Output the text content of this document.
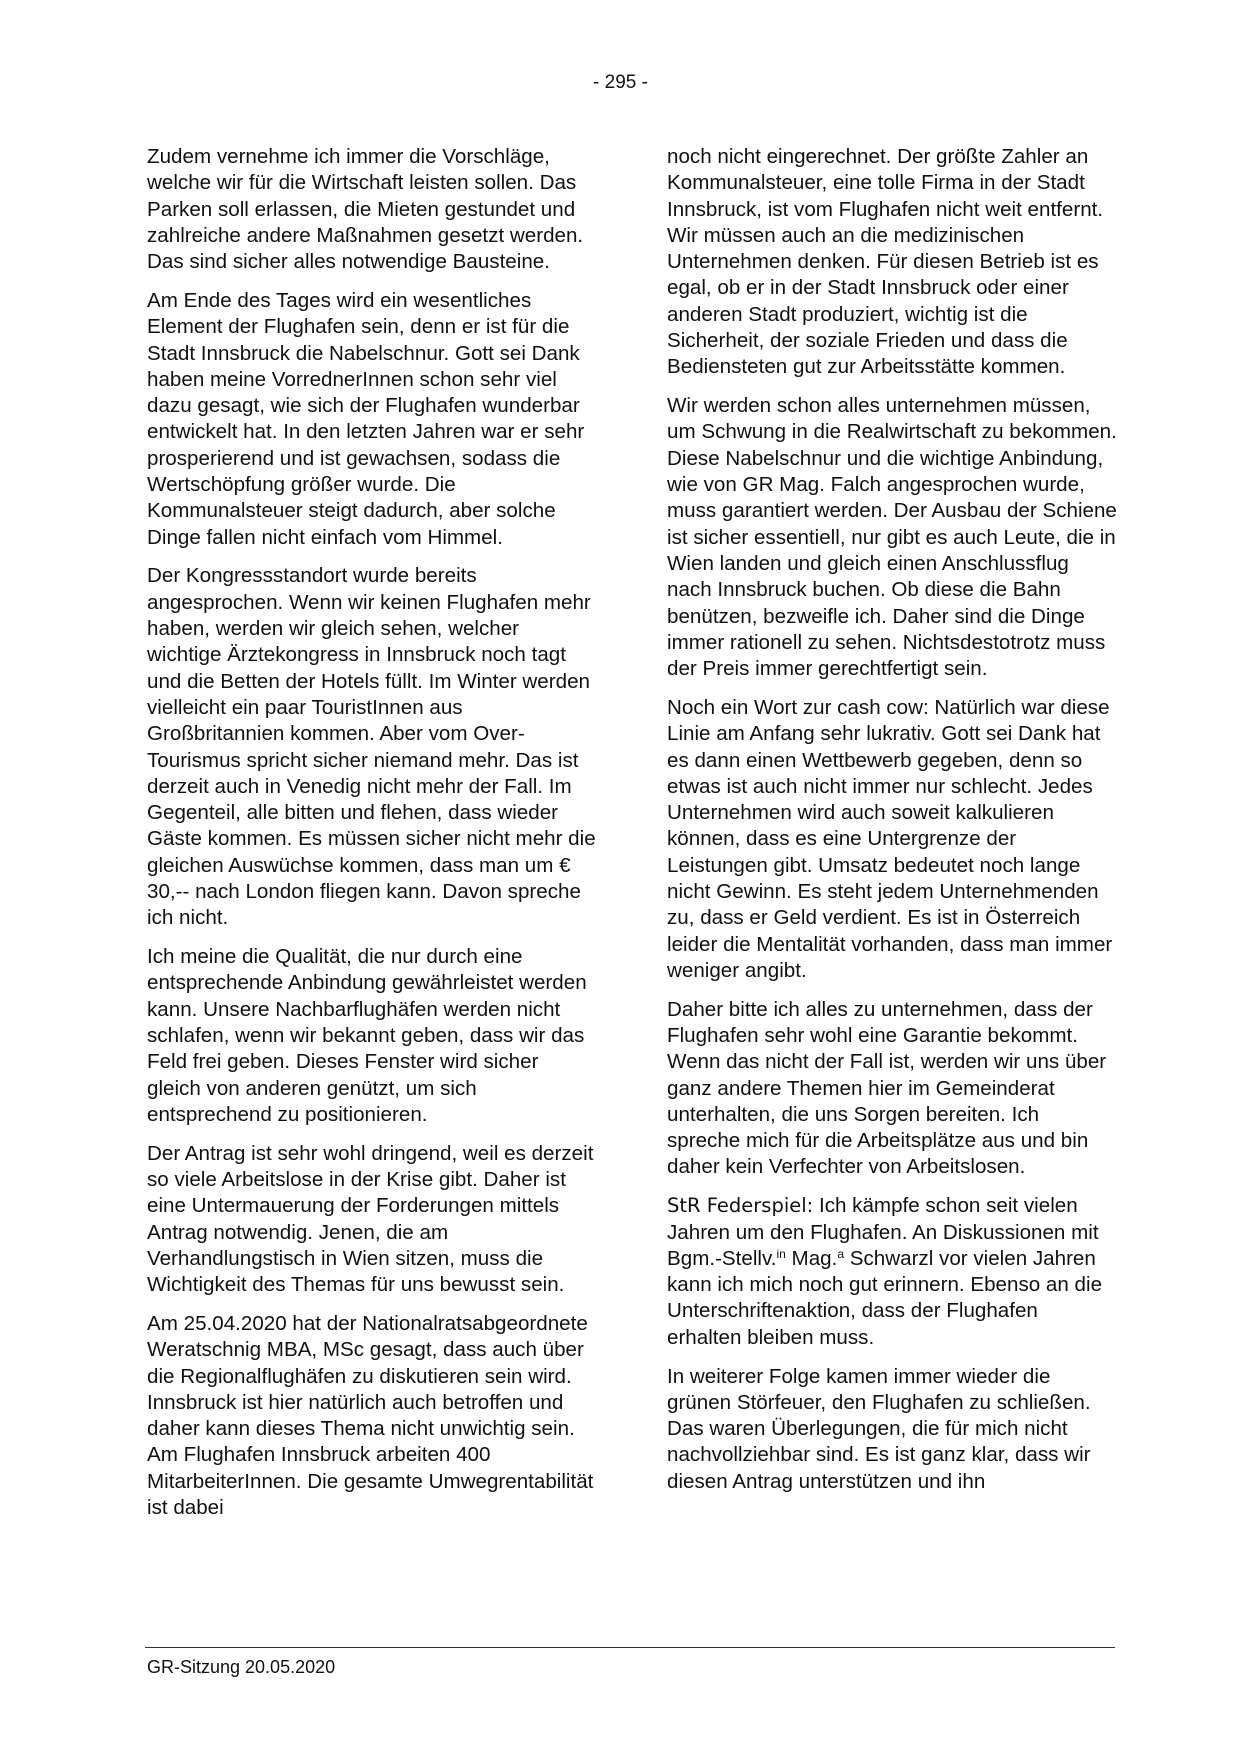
- 295 -

Zudem vernehme ich immer die Vorschläge, welche wir für die Wirtschaft leisten sollen. Das Parken soll erlassen, die Mieten gestundet und zahlreiche andere Maßnahmen gesetzt werden. Das sind sicher alles notwendige Bausteine.

Am Ende des Tages wird ein wesentliches Element der Flughafen sein, denn er ist für die Stadt Innsbruck die Nabelschnur. Gott sei Dank haben meine VorrednerInnen schon sehr viel dazu gesagt, wie sich der Flughafen wunderbar entwickelt hat. In den letzten Jahren war er sehr prosperierend und ist gewachsen, sodass die Wertschöpfung größer wurde. Die Kommunalsteuer steigt dadurch, aber solche Dinge fallen nicht einfach vom Himmel.

Der Kongressstandort wurde bereits angesprochen. Wenn wir keinen Flughafen mehr haben, werden wir gleich sehen, welcher wichtige Ärztekongress in Innsbruck noch tagt und die Betten der Hotels füllt. Im Winter werden vielleicht ein paar TouristInnen aus Großbritannien kommen. Aber vom Over-Tourismus spricht sicher niemand mehr. Das ist derzeit auch in Venedig nicht mehr der Fall. Im Gegenteil, alle bitten und flehen, dass wieder Gäste kommen. Es müssen sicher nicht mehr die gleichen Auswüchse kommen, dass man um € 30,-- nach London fliegen kann. Davon spreche ich nicht.

Ich meine die Qualität, die nur durch eine entsprechende Anbindung gewährleistet werden kann. Unsere Nachbarflughäfen werden nicht schlafen, wenn wir bekannt geben, dass wir das Feld frei geben. Dieses Fenster wird sicher gleich von anderen genützt, um sich entsprechend zu positionieren.

Der Antrag ist sehr wohl dringend, weil es derzeit so viele Arbeitslose in der Krise gibt. Daher ist eine Untermauerung der Forderungen mittels Antrag notwendig. Jenen, die am Verhandlungstisch in Wien sitzen, muss die Wichtigkeit des Themas für uns bewusst sein.

Am 25.04.2020 hat der Nationalratsabgeordnete Weratschnig MBA, MSc gesagt, dass auch über die Regionalflughäfen zu diskutieren sein wird. Innsbruck ist hier natürlich auch betroffen und daher kann dieses Thema nicht unwichtig sein. Am Flughafen Innsbruck arbeiten 400 MitarbeiterInnen. Die gesamte Umwegrentabilität ist dabei

noch nicht eingerechnet. Der größte Zahler an Kommunalsteuer, eine tolle Firma in der Stadt Innsbruck, ist vom Flughafen nicht weit entfernt. Wir müssen auch an die medizinischen Unternehmen denken. Für diesen Betrieb ist es egal, ob er in der Stadt Innsbruck oder einer anderen Stadt produziert, wichtig ist die Sicherheit, der soziale Frieden und dass die Bediensteten gut zur Arbeitsstätte kommen.

Wir werden schon alles unternehmen müssen, um Schwung in die Realwirtschaft zu bekommen. Diese Nabelschnur und die wichtige Anbindung, wie von GR Mag. Falch angesprochen wurde, muss garantiert werden. Der Ausbau der Schiene ist sicher essentiell, nur gibt es auch Leute, die in Wien landen und gleich einen Anschlussflug nach Innsbruck buchen. Ob diese die Bahn benützen, bezweifle ich. Daher sind die Dinge immer rationell zu sehen. Nichtsdestotrotz muss der Preis immer gerechtfertigt sein.

Noch ein Wort zur cash cow: Natürlich war diese Linie am Anfang sehr lukrativ. Gott sei Dank hat es dann einen Wettbewerb gegeben, denn so etwas ist auch nicht immer nur schlecht. Jedes Unternehmen wird auch soweit kalkulieren können, dass es eine Untergrenze der Leistungen gibt. Umsatz bedeutet noch lange nicht Gewinn. Es steht jedem Unternehmenden zu, dass er Geld verdient. Es ist in Österreich leider die Mentalität vorhanden, dass man immer weniger angibt.

Daher bitte ich alles zu unternehmen, dass der Flughafen sehr wohl eine Garantie bekommt. Wenn das nicht der Fall ist, werden wir uns über ganz andere Themen hier im Gemeinderat unterhalten, die uns Sorgen bereiten. Ich spreche mich für die Arbeitsplätze aus und bin daher kein Verfechter von Arbeitslosen.

StR Federspiel: Ich kämpfe schon seit vielen Jahren um den Flughafen. An Diskussionen mit Bgm.-Stellv.$^{in}$ Mag.$^a$ Schwarzl vor vielen Jahren kann ich mich noch gut erinnern. Ebenso an die Unterschriftenaktion, dass der Flughafen erhalten bleiben muss.

In weiterer Folge kamen immer wieder die grünen Störfeuer, den Flughafen zu schließen. Das waren Überlegungen, die für mich nicht nachvollziehbar sind. Es ist ganz klar, dass wir diesen Antrag unterstützen und ihn

GR-Sitzung 20.05.2020
